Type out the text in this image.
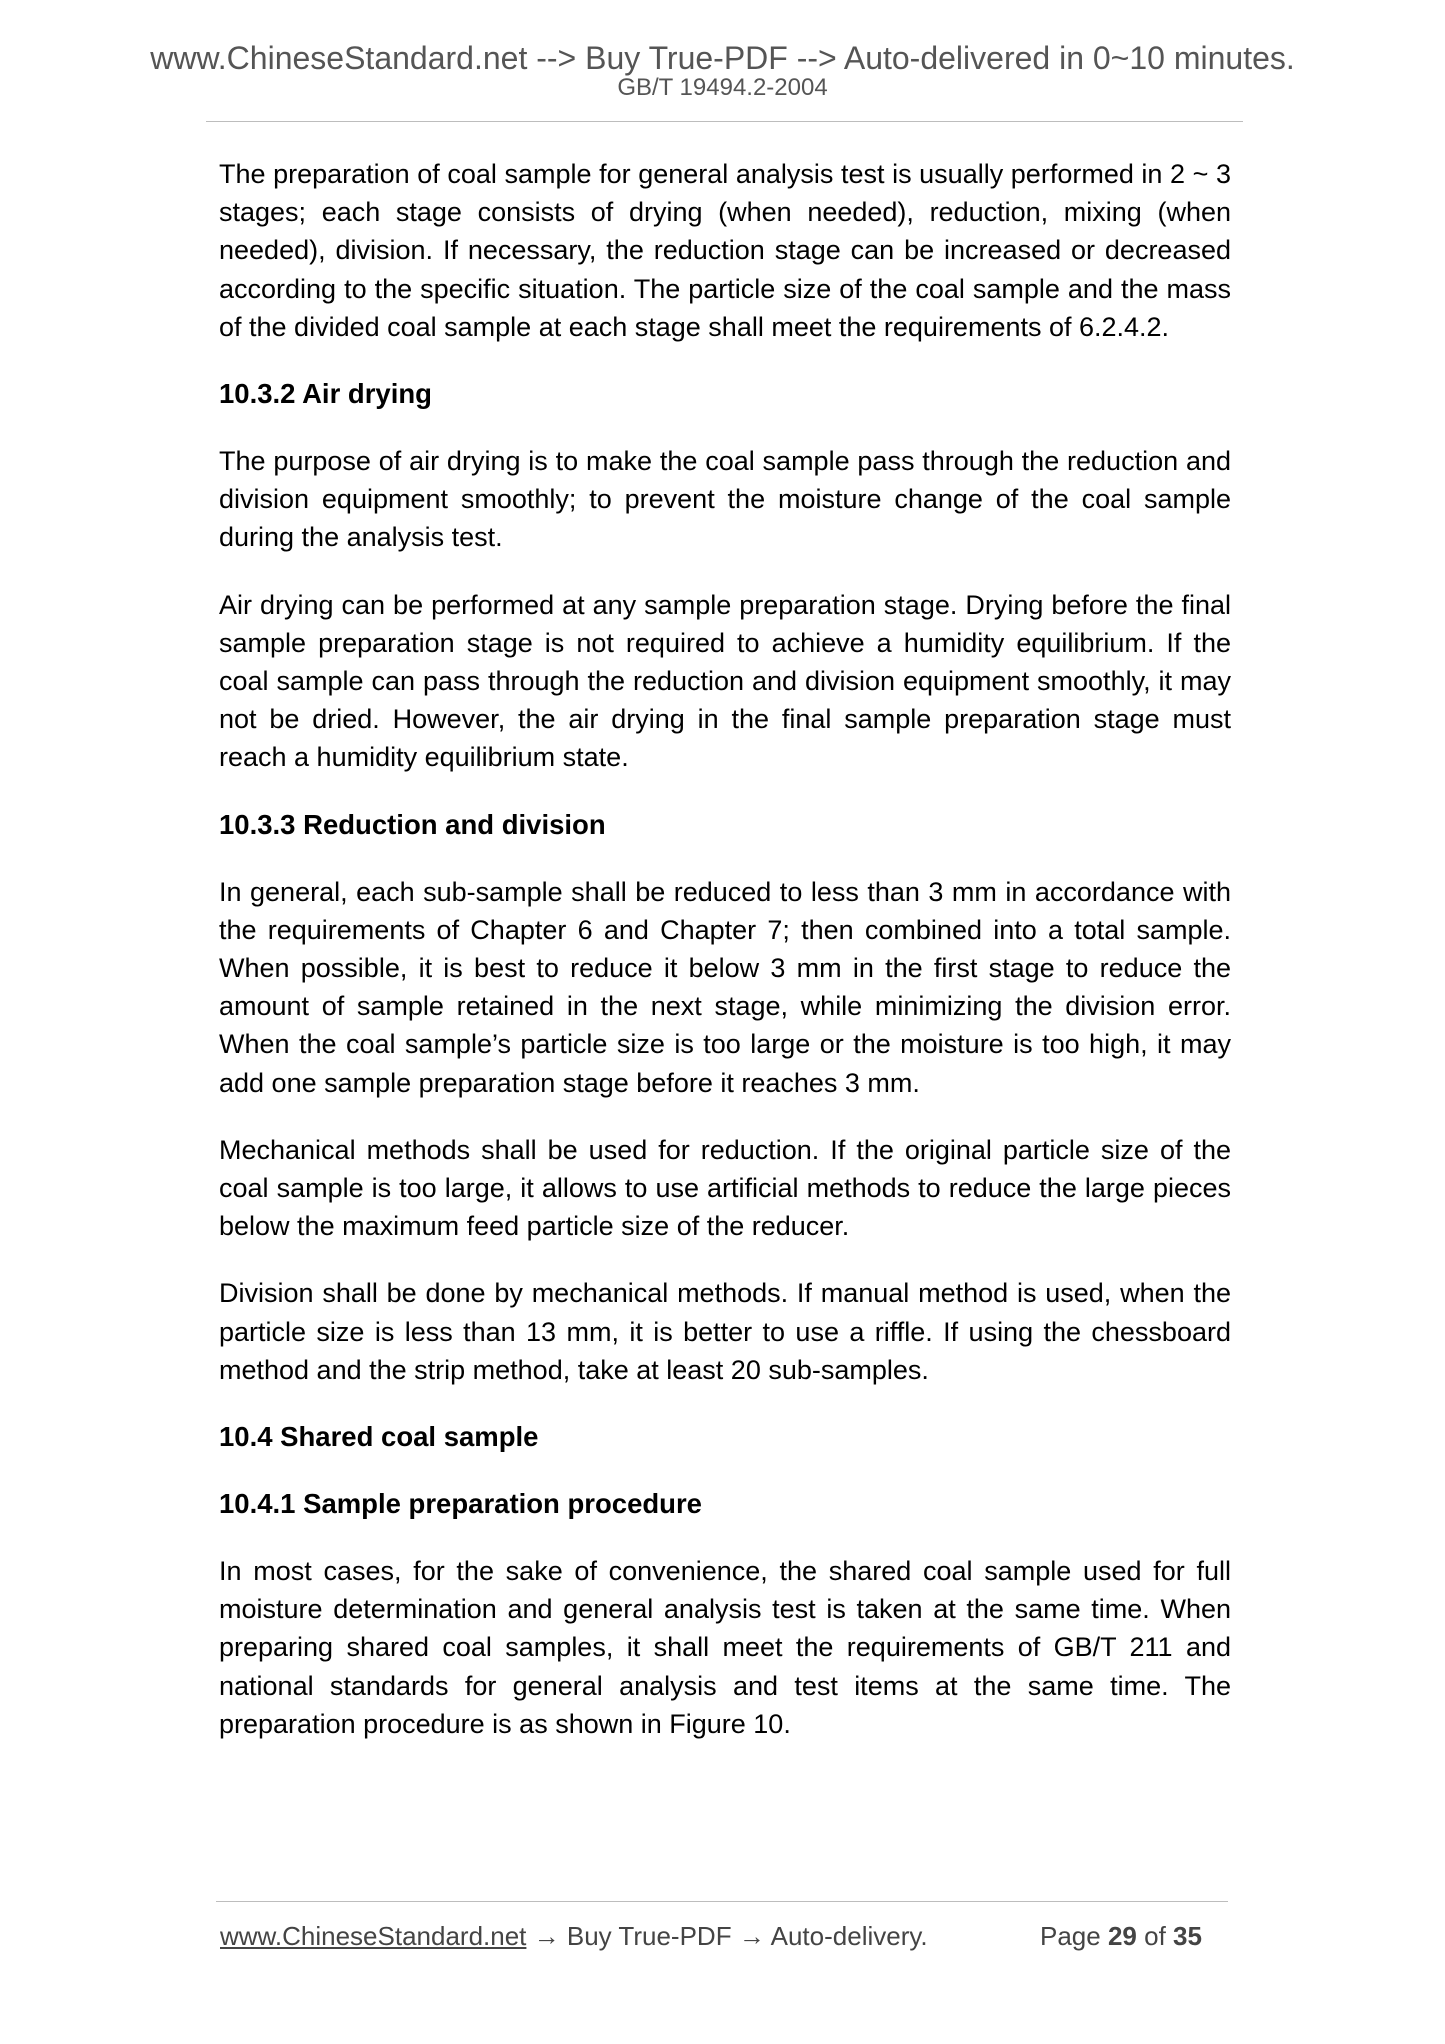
www.ChineseStandard.net --> Buy True-PDF --> Auto-delivered in 0~10 minutes.
GB/T 19494.2-2004

The preparation of coal sample for general analysis test is usually performed in 2 ~ 3 stages; each stage consists of drying (when needed), reduction, mixing (when needed), division. If necessary, the reduction stage can be increased or decreased according to the specific situation. The particle size of the coal sample and the mass of the divided coal sample at each stage shall meet the requirements of 6.2.4.2.

10.3.2 Air drying

The purpose of air drying is to make the coal sample pass through the reduction and division equipment smoothly; to prevent the moisture change of the coal sample during the analysis test.

Air drying can be performed at any sample preparation stage. Drying before the final sample preparation stage is not required to achieve a humidity equilibrium. If the coal sample can pass through the reduction and division equipment smoothly, it may not be dried. However, the air drying in the final sample preparation stage must reach a humidity equilibrium state.

10.3.3 Reduction and division

In general, each sub-sample shall be reduced to less than 3 mm in accordance with the requirements of Chapter 6 and Chapter 7; then combined into a total sample. When possible, it is best to reduce it below 3 mm in the first stage to reduce the amount of sample retained in the next stage, while minimizing the division error. When the coal sample’s particle size is too large or the moisture is too high, it may add one sample preparation stage before it reaches 3 mm.

Mechanical methods shall be used for reduction. If the original particle size of the coal sample is too large, it allows to use artificial methods to reduce the large pieces below the maximum feed particle size of the reducer.

Division shall be done by mechanical methods. If manual method is used, when the particle size is less than 13 mm, it is better to use a riffle. If using the chessboard method and the strip method, take at least 20 sub-samples.

10.4 Shared coal sample
10.4.1 Sample preparation procedure

In most cases, for the sake of convenience, the shared coal sample used for full moisture determination and general analysis test is taken at the same time. When preparing shared coal samples, it shall meet the requirements of GB/T 211 and national standards for general analysis and test items at the same time. The preparation procedure is as shown in Figure 10.

www.ChineseStandard.net → Buy True-PDF → Auto-delivery.	Page 29 of 35
